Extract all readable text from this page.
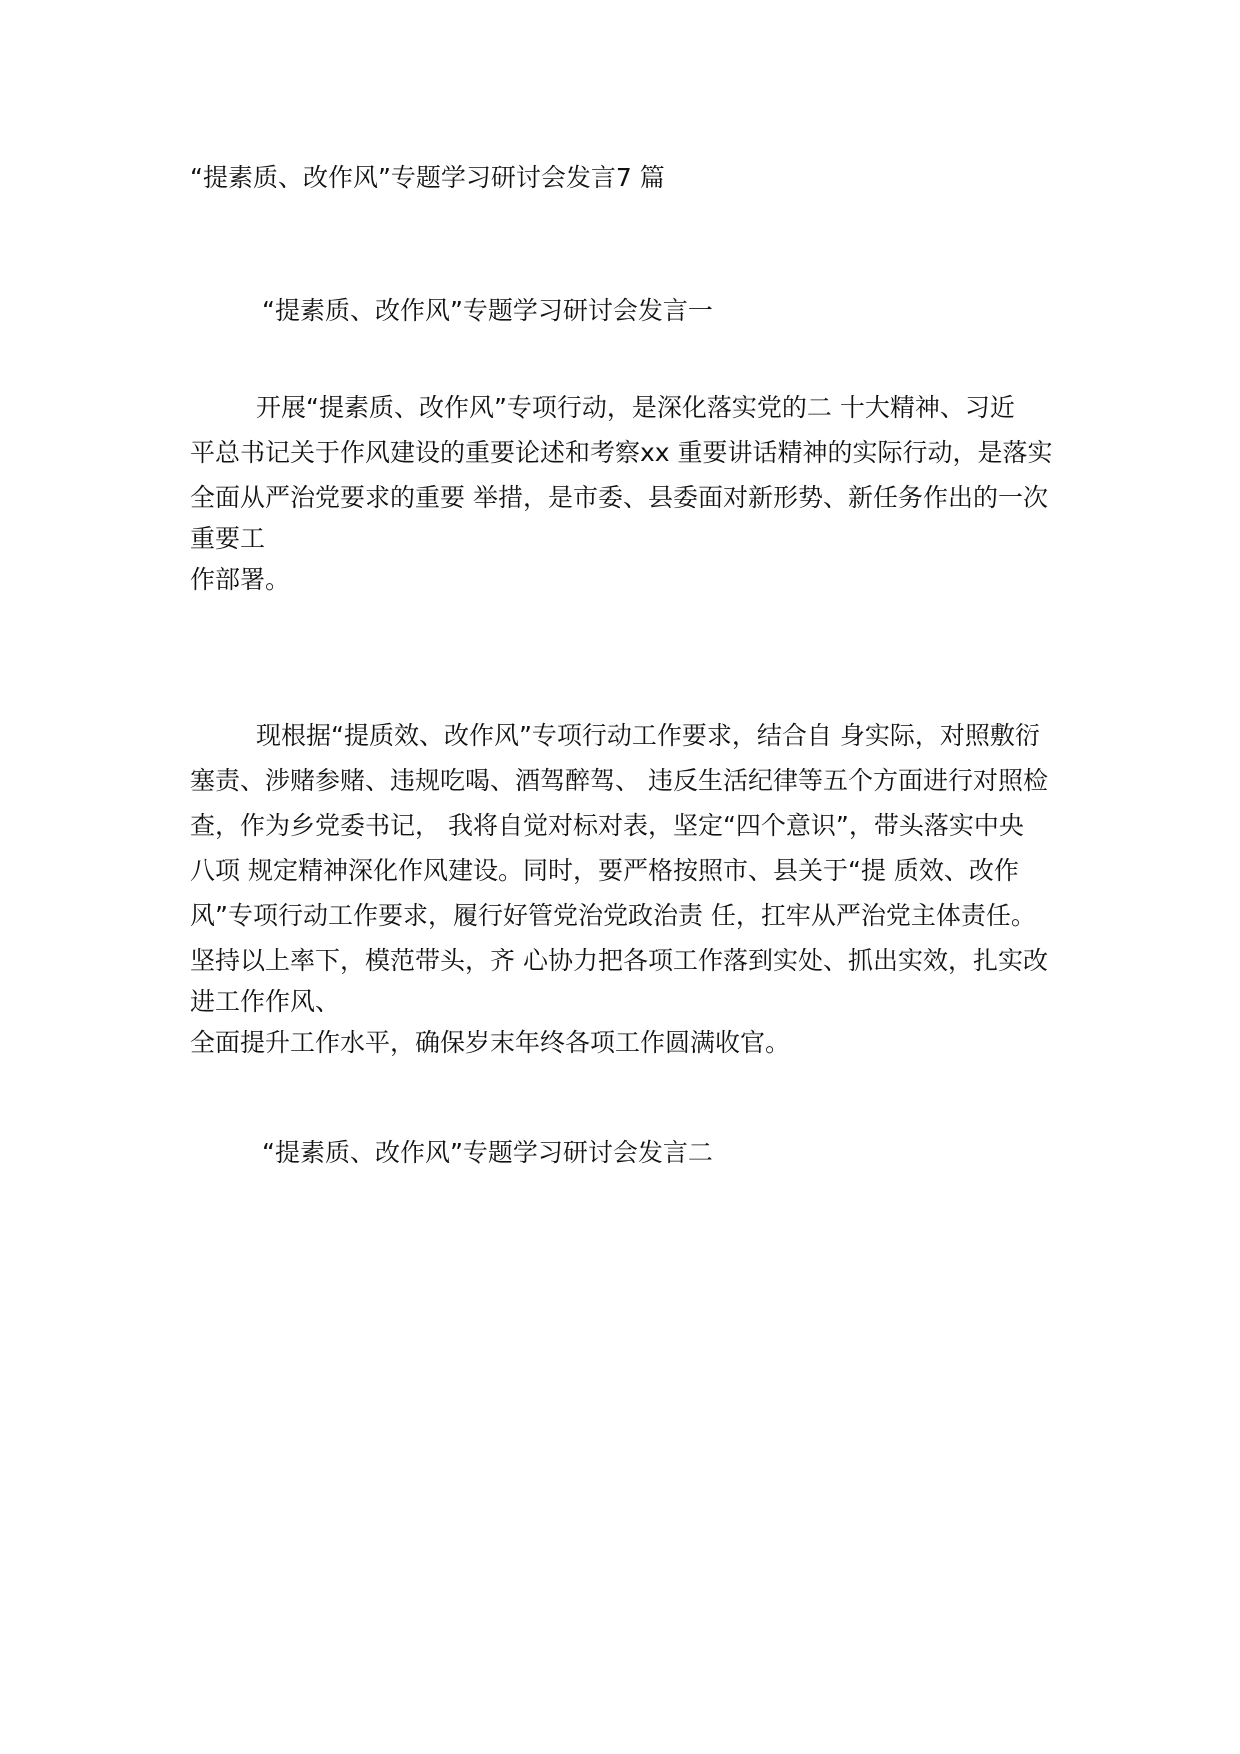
“提素质、改作风”专题学习研讨会发言7 篇
“提素质、改作风”专题学习研讨会发言一
开展“提素质、改作风”专项行动，是深化落实党的二 十大精神、习近
平总书记关于作风建设的重要论述和考察xx 重要讲话精神的实际行动，是落实
全面从严治党要求的重要 举措，是市委、县委面对新形势、新任务作出的一次
重要工
作部署。
现根据“提质效、改作风”专项行动工作要求，结合自 身实际，对照敷衍
塞责、涉赌参赌、违规吃喝、酒驾醉驾、 违反生活纪律等五个方面进行对照检
查，作为乡党委书记， 我将自觉对标对表，坚定“四个意识”，带头落实中央
八项 规定精神深化作风建设。同时，要严格按照市、县关于“提 质效、改作
风”专项行动工作要求，履行好管党治党政治责 任，扛牢从严治党主体责任。
坚持以上率下，模范带头，齐 心协力把各项工作落到实处、抓出实效，扎实改
进工作作风、
全面提升工作水平，确保岁末年终各项工作圆满收官。
“提素质、改作风”专题学习研讨会发言二
